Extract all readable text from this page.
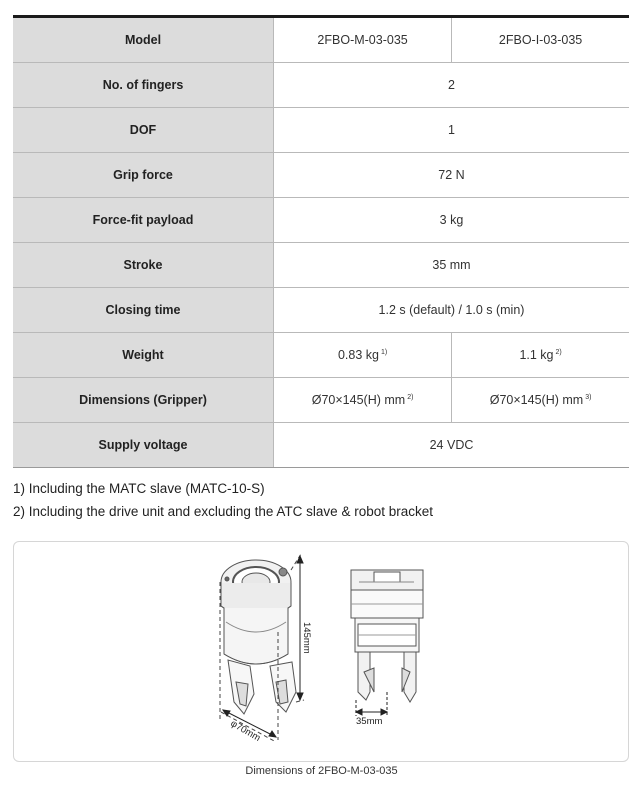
Model	2FBO-M-03-035	2FBO-I-03-035
No. of fingers	2	
DOF	1	
Grip force	72 N	
Force-fit payload	3 kg	
Stroke	35 mm	
Closing time	1.2 s (default) / 1.0 s (min)	
Weight	0.83 kg $^{1)}$	1.1 kg $^{2)}$
Dimensions (Gripper)	Ø70×145(H) mm $^{2)}$	Ø70×145(H) mm $^{3)}$
Supply voltage	24 VDC	
1) Including the MATC slave (MATC-10-S)
2) Including the drive unit and excluding the ATC slave & robot bracket
145mm
φ70mm	35mm
Dimensions of 2FBO-M-03-035
